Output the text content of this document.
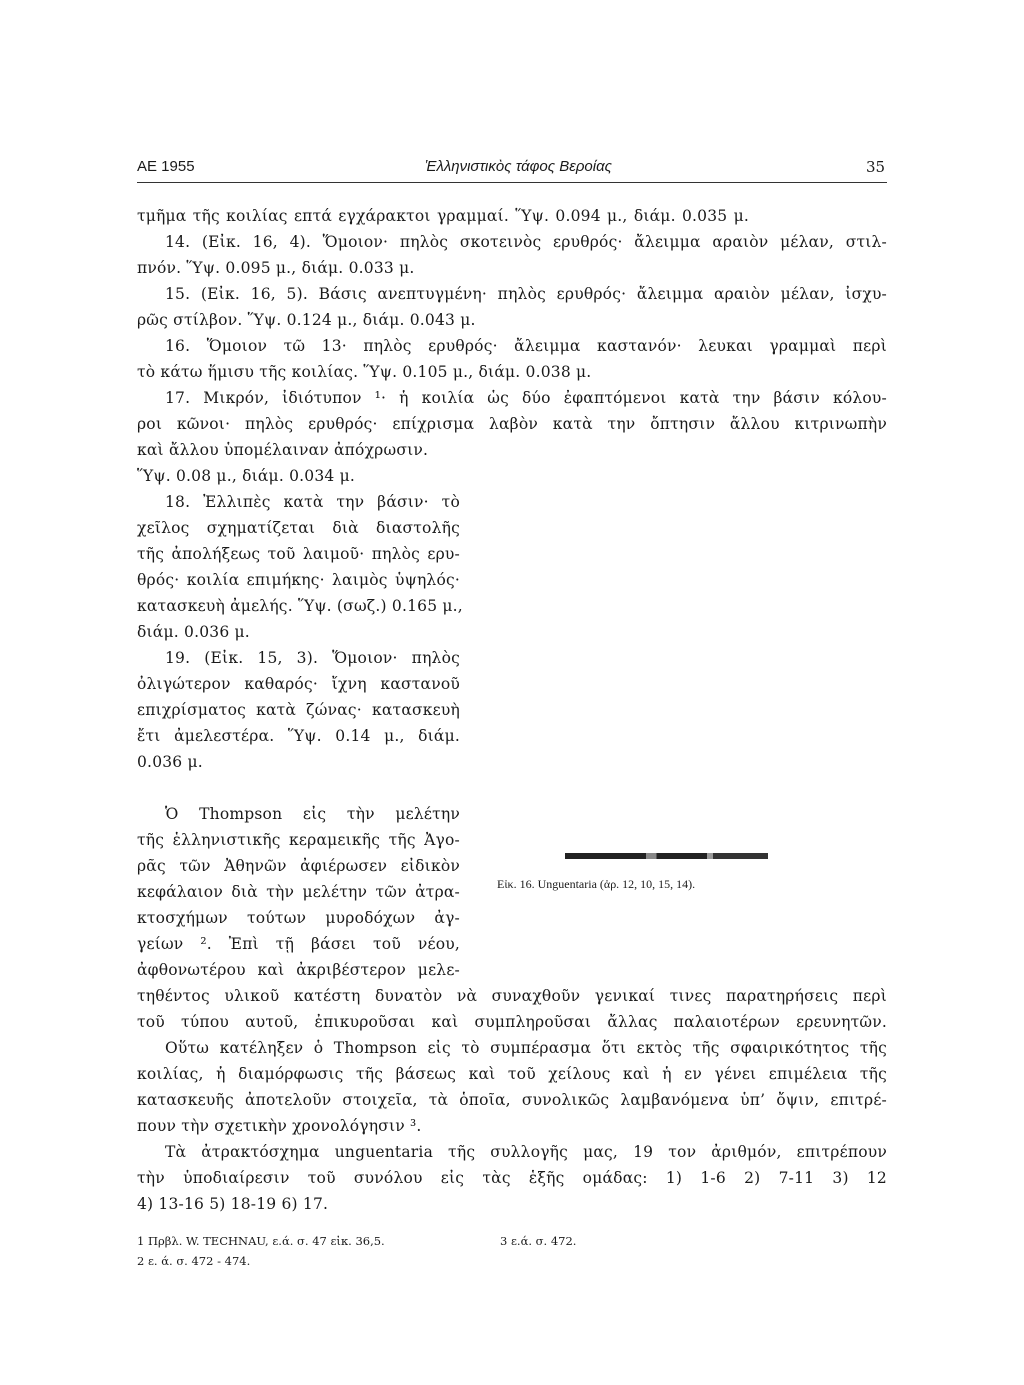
ΑΕ 1955	Ἑλληνιστικὸς τάφος Βεροίας	35
τμῆμα τῆς κοιλίας επτά εγχάρακτοι γραμμαί. Ὕψ. 0.094 μ., διάμ. 0.035 μ.
14. (Εἰκ. 16, 4). Ὅμοιον· πηλὸς σκοτεινὸς ερυθρός· ἄλειμμα αραιὸν μέλαν, στιλ-
πνόν. Ὕψ. 0.095 μ., διάμ. 0.033 μ.
15. (Εἰκ. 16, 5). Βάσις ανεπτυγμένη· πηλὸς ερυθρός· ἄλειμμα αραιὸν μέλαν, ἰσχυ-
ρῶς στίλβον. Ὕψ. 0.124 μ., διάμ. 0.043 μ.
16. Ὅμοιον τῶ 13· πηλὸς ερυθρός· ἄλειμμα καστανόν· λευκαι γραμμαὶ περὶ
τὸ κάτω ἥμισυ τῆς κοιλίας. Ὕψ. 0.105 μ., διάμ. 0.038 μ.
17. Μικρόν, ἰδιότυπον ¹· ἡ κοιλία ὡς δύο ἐφαπτόμενοι κατὰ την βάσιν κόλου-
ροι κῶνοι· πηλὸς ερυθρός· επίχρισμα λαβὸν κατὰ την ὄπτησιν ἄλλου κιτρινωπὴν
καὶ ἄλλου ὑπομέλαιναν ἀπόχρωσιν.
Ὕψ. 0.08 μ., διάμ. 0.034 μ.
18. Ἐλλιπὲς κατὰ την βάσιν· τὸ
χεῖλος σχηματίζεται διὰ διαστολῆς
τῆς ἀπολήξεως τοῦ λαιμοῦ· πηλὸς ερυ-
θρός· κοιλία επιμήκης· λαιμὸς ὑψηλός·
κατασκευὴ ἀμελής. Ὕψ. (σωζ.) 0.165 μ.,
διάμ. 0.036 μ.
19. (Εἰκ. 15, 3). Ὅμοιον· πηλὸς
ὀλιγώτερον καθαρός· ἴχνη καστανοῦ
επιχρίσματος κατὰ ζώνας· κατασκευὴ
ἔτι ἀμελεστέρα. Ὕψ. 0.14 μ., διάμ.
0.036 μ.
Ὁ Thompson εἰς τὴν μελέτην
τῆς ἑλληνιστικῆς κεραμεικῆς τῆς Ἀγο-
ρᾶς τῶν Ἀθηνῶν ἀφιέρωσεν εἰδικὸν
κεφάλαιον διὰ τὴν μελέτην τῶν ἀτρα-
κτοσχήμων τούτων μυροδόχων ἀγ-
γείων ². Ἐπὶ τῇ βάσει τοῦ νέου,
ἀφθονωτέρου καὶ ἀκριβέστερον μελε-
Εἰκ. 16. Unguentaria (ἀρ. 12, 10, 15, 14).
τηθέντος υλικοῦ κατέστη δυνατὸν νὰ συναχθοῦν γενικαί τινες παρατηρήσεις περὶ
τοῦ τύπου αυτοῦ, ἐπικυροῦσαι καὶ συμπληροῦσαι ἄλλας παλαιοτέρων ερευνητῶν.
Οὕτω κατέληξεν ὁ Thompson εἰς τὸ συμπέρασμα ὅτι εκτὸς τῆς σφαιρικότητος τῆς
κοιλίας, ἡ διαμόρφωσις τῆς βάσεως καὶ τοῦ χείλους καὶ ἡ εν γένει επιμέλεια τῆς
κατασκευῆς ἀποτελοῦν στοιχεῖα, τὰ ὁποῖα, συνολικῶς λαμβανόμενα ὑπ’ ὄψιν, επιτρέ-
πουν τὴν σχετικὴν χρονολόγησιν ³.
Τὰ ἀτρακτόσχημα unguentaria τῆς συλλογῆς μας, 19 τον ἀριθμόν, επιτρέπουν
τὴν ὑποδιαίρεσιν τοῦ συνόλου εἰς τὰς ἑξῆς ομάδας: 1) 1-6 2) 7-11 3) 12
4) 13-16 5) 18-19 6) 17.
1 Πρβλ. W. TECHNAU, ε.ά. σ. 47 εἰκ. 36,5.
2 ε. ά. σ. 472 - 474.
3 ε.ά. σ. 472.
